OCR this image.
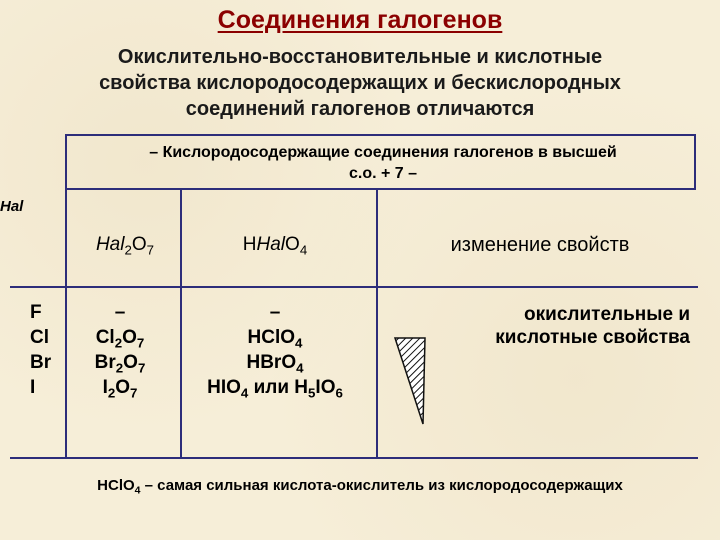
Соединения галогенов
Окислительно-восстановительные и кислотные
свойства кислородосодержащих и бескислородных
соединений галогенов отличаются
– Кислородосодержащие соединения галогенов в высшей
с.о. + 7 –
Hal
$Hal_2O_7$	HHalO$_4$	изменение свойств
F
Cl
Br
I
–
$Cl_2O_7$
$Br_2O_7$
$I_2O_7$
–
HClO$_4$
HBrO$_4$
$HIO_4$ или $H_5IO_6$
окислительные и
кислотные свойства
HClO$_4$ – самая сильная кислота-окислитель из кислородосодержащих
